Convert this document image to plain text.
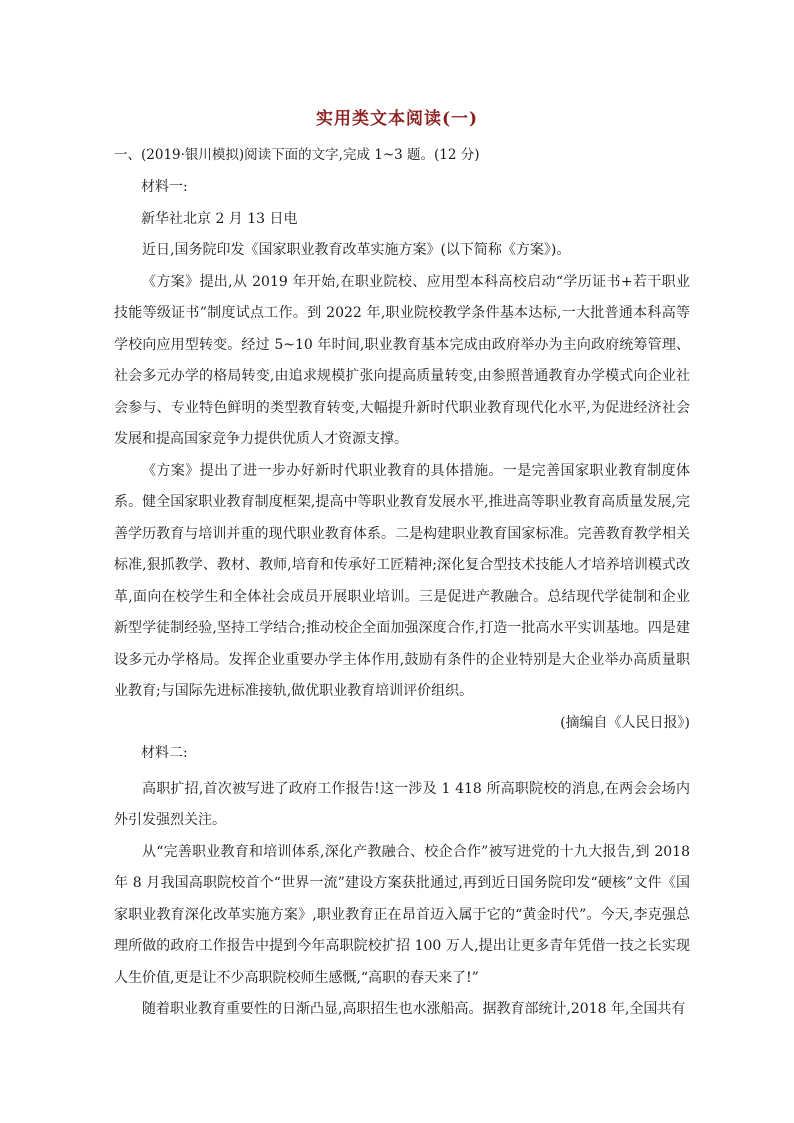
实用类文本阅读(一)

一、(2019·银川模拟)阅读下面的文字,完成 1~3 题。(12 分)

材料一:

新华社北京 2 月 13 日电

近日,国务院印发《国家职业教育改革实施方案》(以下简称《方案》)。

《方案》提出,从 2019 年开始,在职业院校、应用型本科高校启动“学历证书+若干职业技能等级证书”制度试点工作。到 2022 年,职业院校教学条件基本达标,一大批普通本科高等学校向应用型转变。经过 5~10 年时间,职业教育基本完成由政府举办为主向政府统筹管理、社会多元办学的格局转变,由追求规模扩张向提高质量转变,由参照普通教育办学模式向企业社会参与、专业特色鲜明的类型教育转变,大幅提升新时代职业教育现代化水平,为促进经济社会发展和提高国家竞争力提供优质人才资源支撑。

《方案》提出了进一步办好新时代职业教育的具体措施。一是完善国家职业教育制度体系。健全国家职业教育制度框架,提高中等职业教育发展水平,推进高等职业教育高质量发展,完善学历教育与培训并重的现代职业教育体系。二是构建职业教育国家标准。完善教育教学相关标准,狠抓教学、教材、教师,培育和传承好工匠精神;深化复合型技术技能人才培养培训模式改革,面向在校学生和全体社会成员开展职业培训。三是促进产教融合。总结现代学徒制和企业新型学徒制经验,坚持工学结合;推动校企全面加强深度合作,打造一批高水平实训基地。四是建设多元办学格局。发挥企业重要办学主体作用,鼓励有条件的企业特别是大企业举办高质量职业教育;与国际先进标准接轨,做优职业教育培训评价组织。

(摘编自《人民日报》)

材料二:

高职扩招,首次被写进了政府工作报告!这一涉及 1 418 所高职院校的消息,在两会会场内外引发强烈关注。

从“完善职业教育和培训体系,深化产教融合、校企合作”被写进党的十九大报告,到 2018 年 8 月我国高职院校首个“世界一流”建设方案获批通过,再到近日国务院印发“硬核”文件《国家职业教育深化改革实施方案》,职业教育正在昂首迈入属于它的“黄金时代”。今天,李克强总理所做的政府工作报告中提到今年高职院校扩招 100 万人,提出让更多青年凭借一技之长实现人生价值,更是让不少高职院校师生感慨,“高职的春天来了!”

随着职业教育重要性的日渐凸显,高职招生也水涨船高。据教育部统计,2018 年,全国共有
